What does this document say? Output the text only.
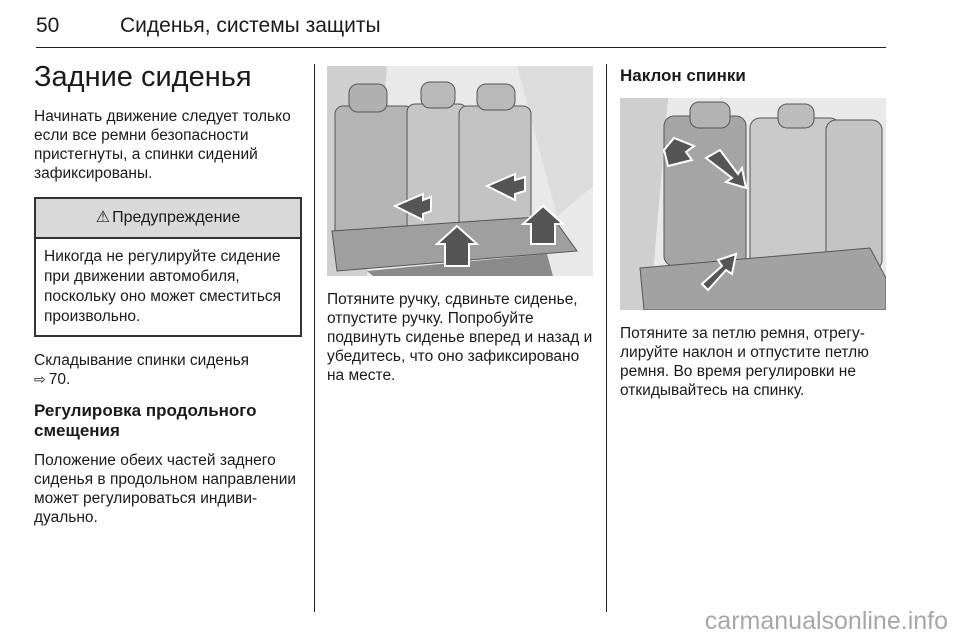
50	Сиденья, системы защиты
Задние сиденья

Начинать движение следует только если все ремни безопасности пристегнуты, а спинки сидений зафиксированы.

⚠ Предупреждение

Никогда не регулируйте сидение при движении автомобиля, поскольку оно может сместиться произвольно.

Складывание спинки сиденья
⇨ 70.

Регулировка продольного смещения

Положение обеих частей заднего сиденья в продольном направлении может регулироваться индивидуально.

Потяните ручку, сдвиньте сиденье, отпустите ручку. Попробуйте подвинуть сиденье вперед и назад и убедитесь, что оно зафиксировано на месте.

Наклон спинки

Потяните за петлю ремня, отрегулируйте наклон и отпустите петлю ремня. Во время регулировки не откидывайтесь на спинку.

carmanualsonline.info
